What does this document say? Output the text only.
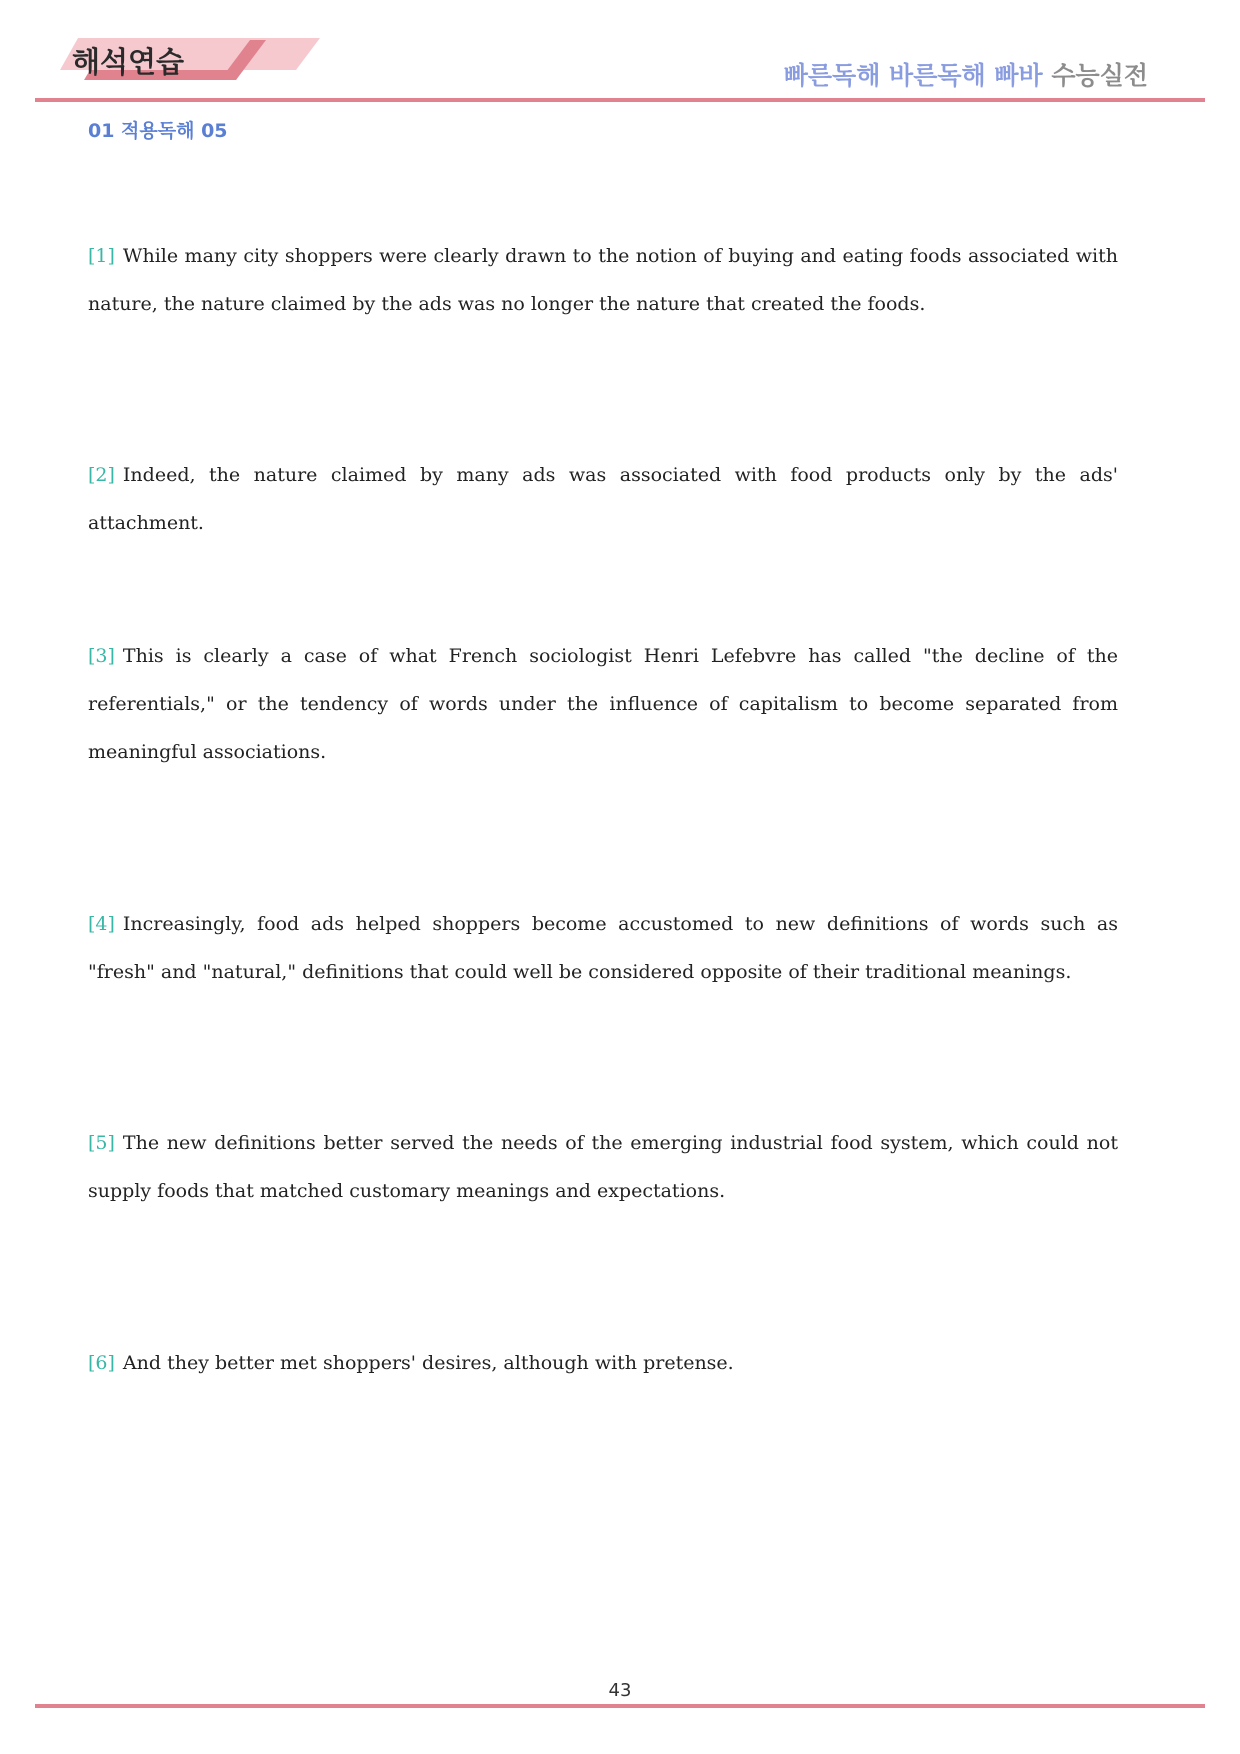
해석연습	빠른독해 바른독해 빠바 수능실전
01 적용독해 05
[1] While many city shoppers were clearly drawn to the notion of buying and eating foods associated with nature, the nature claimed by the ads was no longer the nature that created the foods.
[2] Indeed, the nature claimed by many ads was associated with food products only by the ads' attachment.
[3] This is clearly a case of what French sociologist Henri Lefebvre has called "the decline of the referentials," or the tendency of words under the influence of capitalism to become separated from meaningful associations.
[4] Increasingly, food ads helped shoppers become accustomed to new definitions of words such as "fresh" and "natural," definitions that could well be considered opposite of their traditional meanings.
[5] The new definitions better served the needs of the emerging industrial food system, which could not supply foods that matched customary meanings and expectations.
[6] And they better met shoppers' desires, although with pretense.
43
